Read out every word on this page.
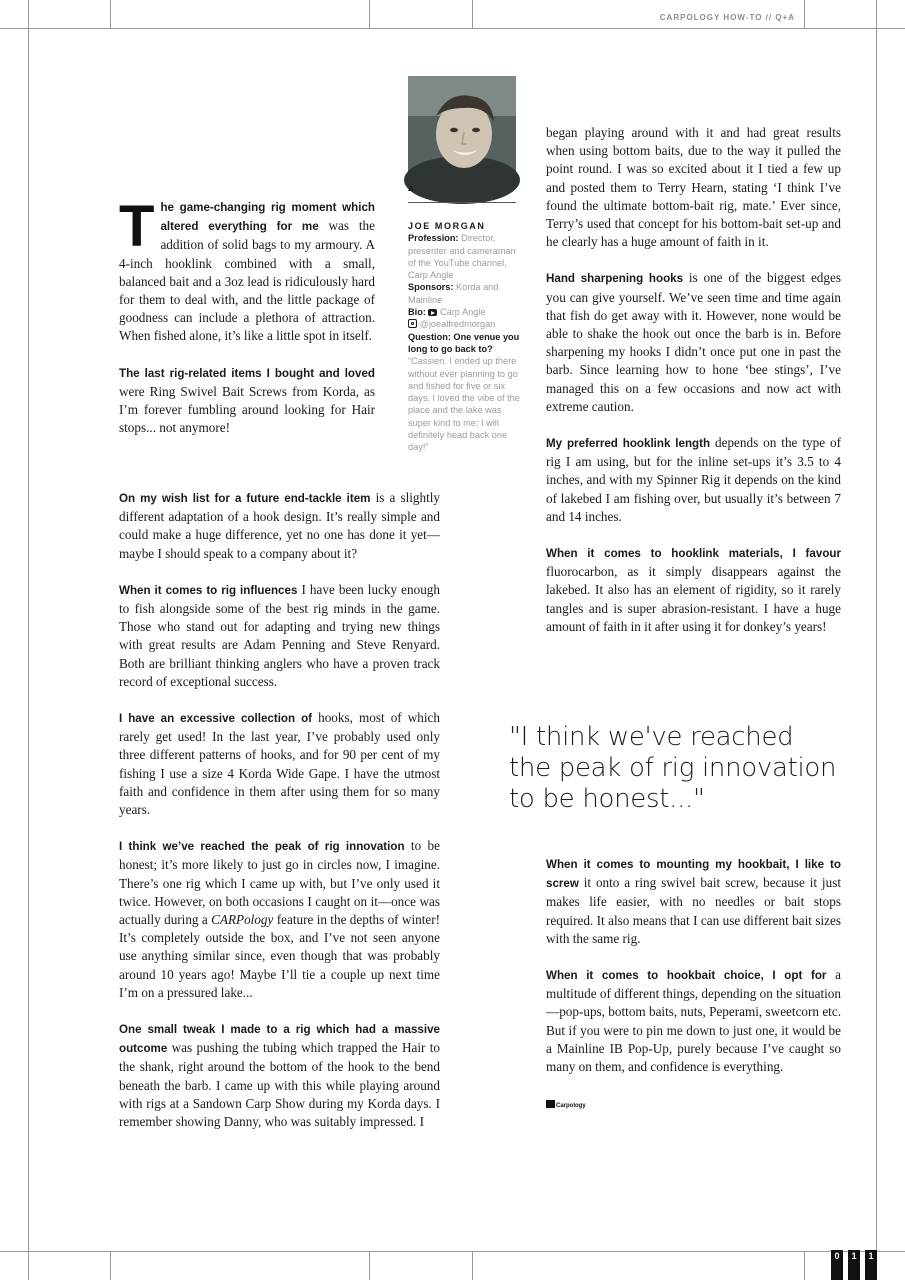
CARPOLOGY HOW-TO // Q+A
▲
JOE MORGAN
Profession: Director, presenter and cameraman of the YouTube channel, Carp Angle
Sponsors: Korda and Mainline
Bio: Carp Angle
@joealfredmorgan
Question: One venue you long to go back to? “Cassien. I ended up there without ever planning to go and fished for five or six days. I loved the vibe of the place and the lake was super kind to me; I will definitely head back one day!”

The game-changing rig moment which altered everything for me was the addition of solid bags to my armoury. A 4-inch hooklink combined with a small, balanced bait and a 3oz lead is ridiculously hard for them to deal with, and the little package of goodness can include a plethora of attraction. When fished alone, it’s like a little spot in itself.

The last rig-related items I bought and loved were Ring Swivel Bait Screws from Korda, as I’m forever fumbling around looking for Hair stops... not anymore!

On my wish list for a future end-tackle item is a slightly different adaptation of a hook design. It’s really simple and could make a huge difference, yet no one has done it yet—maybe I should speak to a company about it?

When it comes to rig influences I have been lucky enough to fish alongside some of the best rig minds in the game. Those who stand out for adapting and trying new things with great results are Adam Penning and Steve Renyard. Both are brilliant thinking anglers who have a proven track record of exceptional success.

I have an excessive collection of hooks, most of which rarely get used! In the last year, I’ve probably used only three different patterns of hooks, and for 90 per cent of my fishing I use a size 4 Korda Wide Gape. I have the utmost faith and confidence in them after using them for so many years.

I think we’ve reached the peak of rig innovation to be honest; it’s more likely to just go in circles now, I imagine. There’s one rig which I came up with, but I’ve only used it twice. However, on both occasions I caught on it—once was actually during a CARPology feature in the depths of winter! It’s completely outside the box, and I’ve not seen anyone use anything similar since, even though that was probably around 10 years ago! Maybe I’ll tie a couple up next time I’m on a pressured lake...

One small tweak I made to a rig which had a massive outcome was pushing the tubing which trapped the Hair to the shank, right around the bottom of the hook to the bend beneath the barb. I came up with this while playing around with rigs at a Sandown Carp Show during my Korda days. I remember showing Danny, who was suitably impressed. I

began playing around with it and had great results when using bottom baits, due to the way it pulled the point round. I was so excited about it I tied a few up and posted them to Terry Hearn, stating ‘I think I’ve found the ultimate bottom-bait rig, mate.’ Ever since, Terry’s used that concept for his bottom-bait set-up and he clearly has a huge amount of faith in it.

Hand sharpening hooks is one of the biggest edges you can give yourself. We’ve seen time and time again that fish do get away with it. However, none would be able to shake the hook out once the barb is in. Before sharpening my hooks I didn’t once put one in past the barb. Since learning how to hone ‘bee stings’, I’ve managed this on a few occasions and now act with extreme caution.

My preferred hooklink length depends on the type of rig I am using, but for the inline set-ups it’s 3.5 to 4 inches, and with my Spinner Rig it depends on the kind of lakebed I am fishing over, but usually it’s between 7 and 14 inches.

When it comes to hooklink materials, I favour fluorocarbon, as it simply disappears against the lakebed. It also has an element of rigidity, so it rarely tangles and is super abrasion-resistant. I have a huge amount of faith in it after using it for donkey’s years!

"I think we've reached the peak of rig innovation to be honest..."

When it comes to mounting my hookbait, I like to screw it onto a ring swivel bait screw, because it just makes life easier, with no needles or bait stops required. It also means that I can use different bait sizes with the same rig.

When it comes to hookbait choice, I opt for a multitude of different things, depending on the situation—pop-ups, bottom baits, nuts, Peperami, sweetcorn etc. But if you were to pin me down to just one, it would be a Mainline IB Pop-Up, purely because I’ve caught so many on them, and confidence is everything.

Carpology
0	1	1
